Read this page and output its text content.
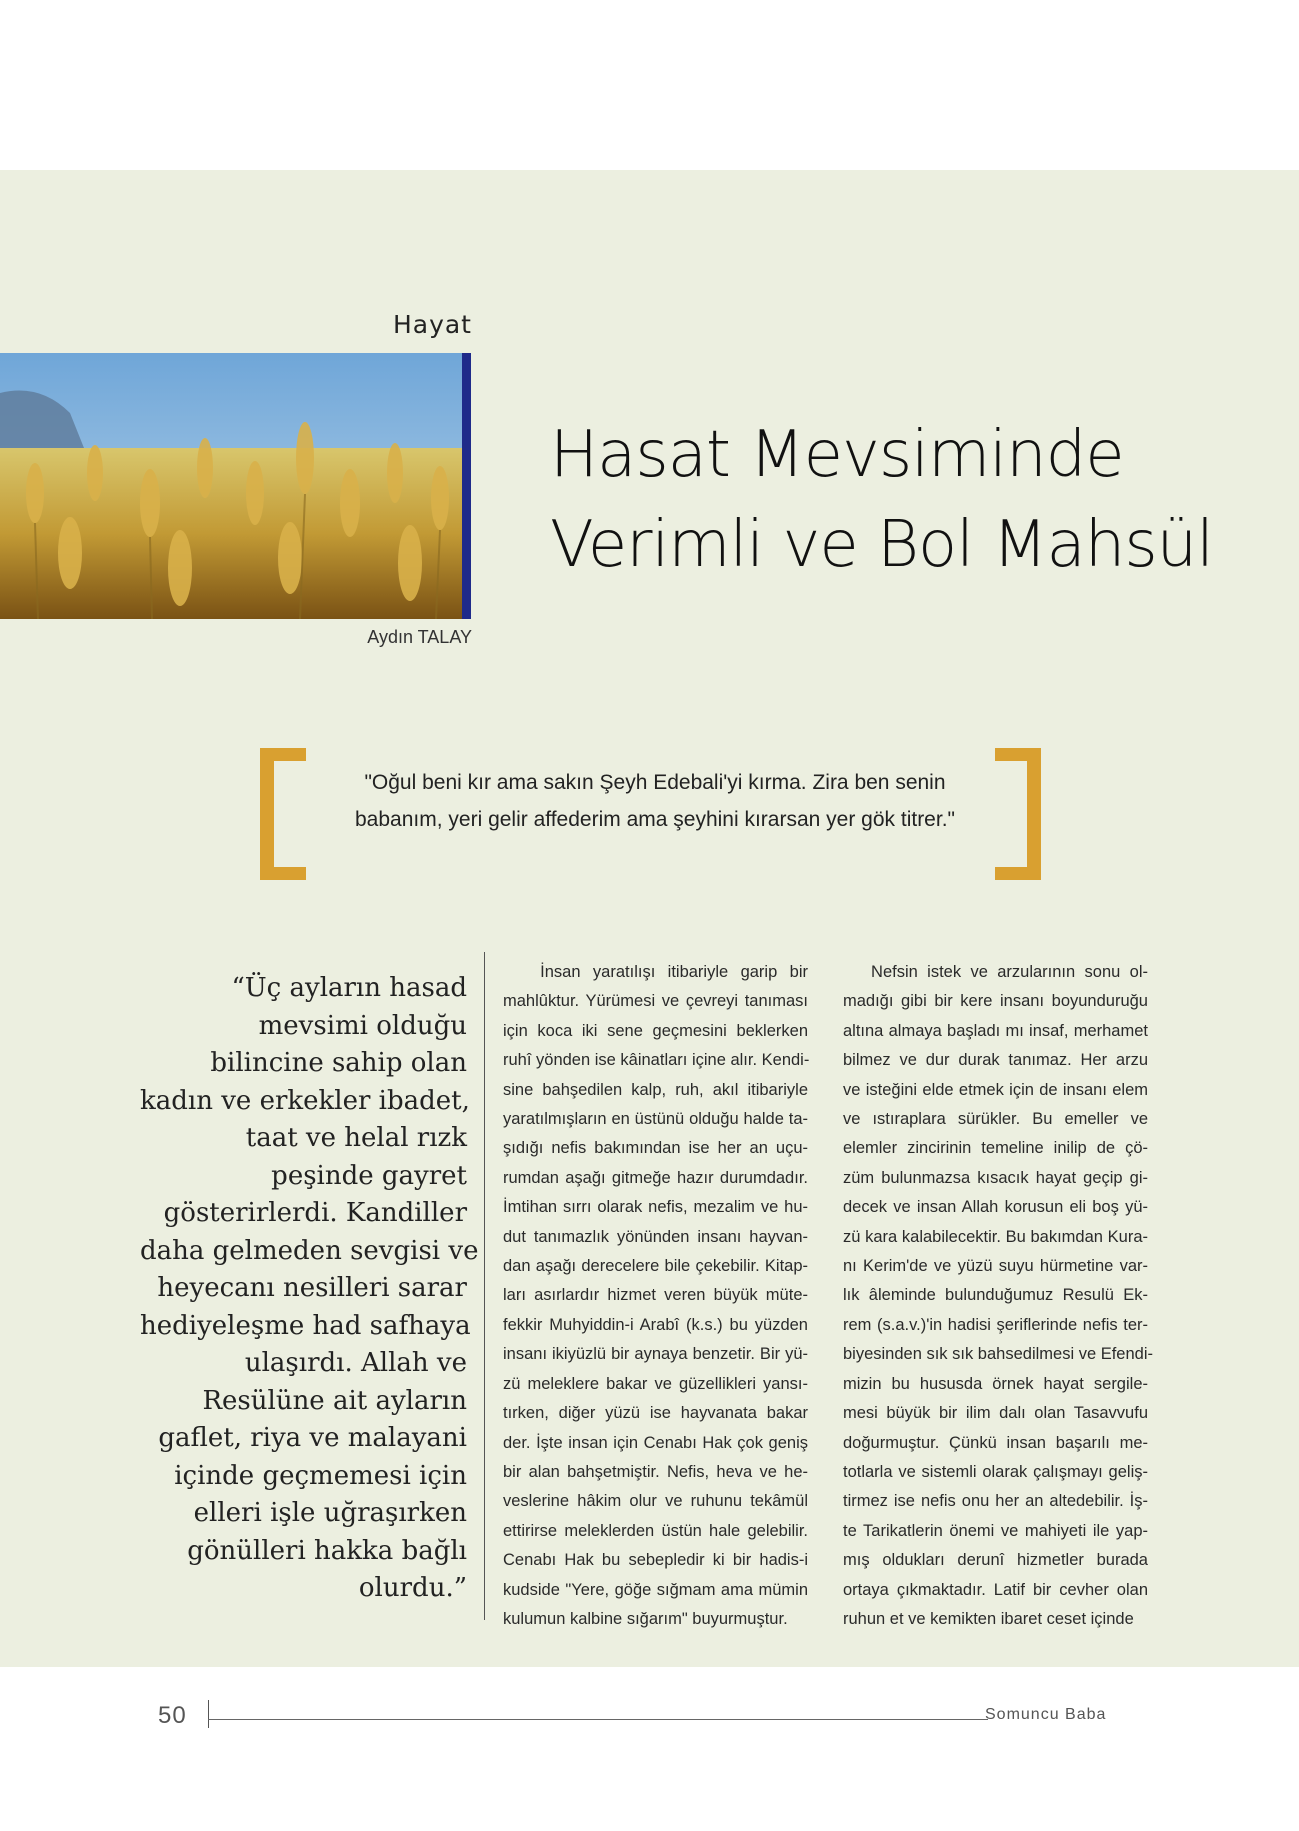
Hayat
Hasat Mevsiminde
Verimli ve Bol Mahsül
Aydın TALAY
"Oğul beni kır ama sakın Şeyh Edebali'yi kırma. Zira ben senin
babanım, yeri gelir affederim ama şeyhini kırarsan yer gök titrer."
“Üç ayların hasad
mevsimi olduğu
bilincine sahip olan
kadın ve erkekler ibadet,
taat ve helal rızk
peşinde gayret
gösterirlerdi. Kandiller
daha gelmeden sevgisi ve
heyecanı nesilleri sarar
hediyeleşme had safhaya
ulaşırdı. Allah ve
Resülüne ait ayların
gaflet, riya ve malayani
içinde geçmemesi için
elleri işle uğraşırken
gönülleri hakka bağlı
olurdu.”
İnsan yaratılışı itibariyle garip bir
mahlûktur. Yürümesi ve çevreyi tanıması
için koca iki sene geçmesini beklerken
ruhî yönden ise kâinatları içine alır. Kendi-
sine bahşedilen kalp, ruh, akıl itibariyle
yaratılmışların en üstünü olduğu halde ta-
şıdığı nefis bakımından ise her an uçu-
rumdan aşağı gitmeğe hazır durumdadır.
İmtihan sırrı olarak nefis, mezalim ve hu-
dut tanımazlık yönünden insanı hayvan-
dan aşağı derecelere bile çekebilir. Kitap-
ları asırlardır hizmet veren büyük müte-
fekkir Muhyiddin-i Arabî (k.s.) bu yüzden
insanı ikiyüzlü bir aynaya benzetir. Bir yü-
zü meleklere bakar ve güzellikleri yansı-
tırken, diğer yüzü ise hayvanata bakar
der. İşte insan için Cenabı Hak çok geniş
bir alan bahşetmiştir. Nefis, heva ve he-
veslerine hâkim olur ve ruhunu tekâmül
ettirirse meleklerden üstün hale gelebilir.
Cenabı Hak bu sebepledir ki bir hadis-i
kudside "Yere, göğe sığmam ama mümin
kulumun kalbine sığarım" buyurmuştur.
Nefsin istek ve arzularının sonu ol-
madığı gibi bir kere insanı boyunduruğu
altına almaya başladı mı insaf, merhamet
bilmez ve dur durak tanımaz. Her arzu
ve isteğini elde etmek için de insanı elem
ve ıstıraplara sürükler. Bu emeller ve
elemler zincirinin temeline inilip de çö-
züm bulunmazsa kısacık hayat geçip gi-
decek ve insan Allah korusun eli boş yü-
zü kara kalabilecektir. Bu bakımdan Kura-
nı Kerim'de ve yüzü suyu hürmetine var-
lık âleminde bulunduğumuz Resulü Ek-
rem (s.a.v.)'in hadisi şeriflerinde nefis ter-
biyesinden sık sık bahsedilmesi ve Efendi-
mizin bu hususda örnek hayat sergile-
mesi büyük bir ilim dalı olan Tasavvufu
doğurmuştur. Çünkü insan başarılı me-
totlarla ve sistemli olarak çalışmayı geliş-
tirmez ise nefis onu her an altedebilir. İş-
te Tarikatlerin önemi ve mahiyeti ile yap-
mış oldukları derunî hizmetler burada
ortaya çıkmaktadır. Latif bir cevher olan
ruhun et ve kemikten ibaret ceset içinde
50	Somuncu Baba
